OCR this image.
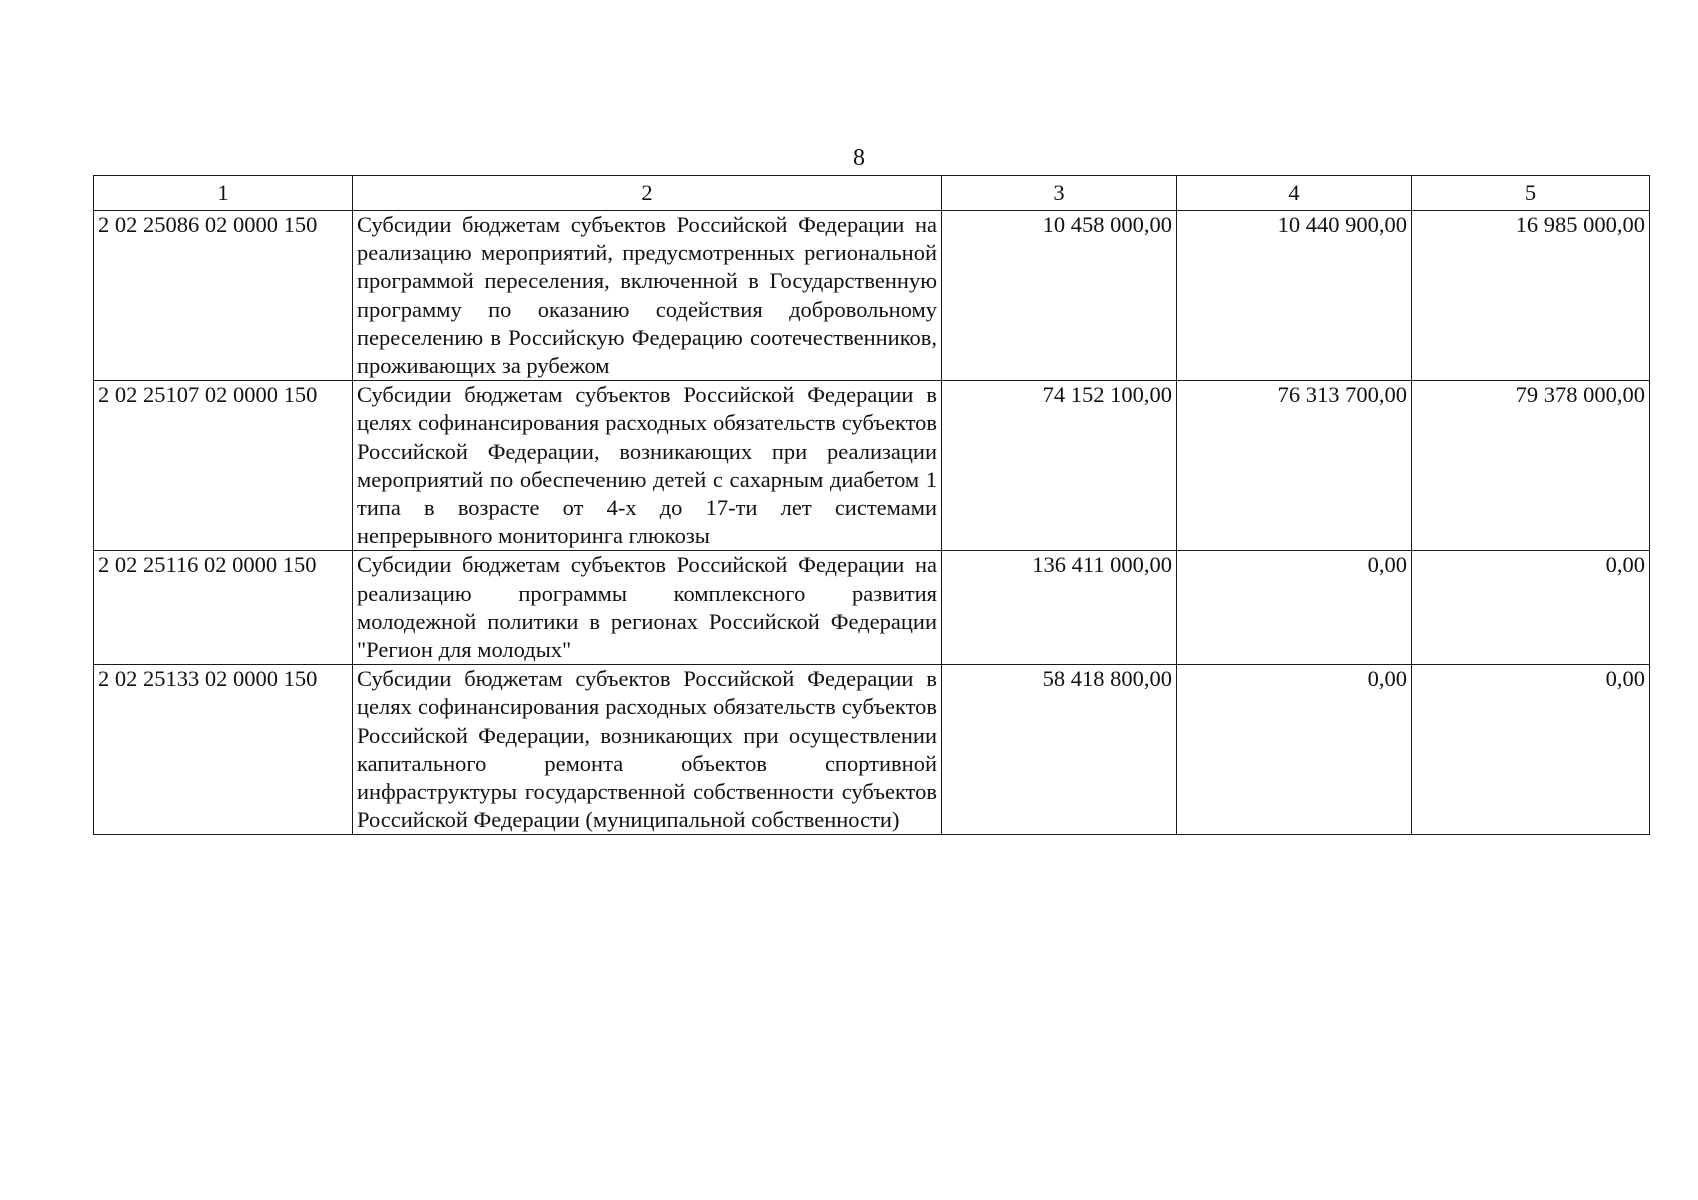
8
1	2	3	4	5
2 02 25086 02 0000 150	Субсидии бюджетам субъектов Российской Федерации на реализацию мероприятий, предусмотренных региональной программой переселения, включенной в Государственную программу по оказанию содействия добровольному переселению в Российскую Федерацию соотечественников, проживающих за рубежом	10 458 000,00	10 440 900,00	16 985 000,00
2 02 25107 02 0000 150	Субсидии бюджетам субъектов Российской Федерации в целях софинансирования расходных обязательств субъектов Российской Федерации, возникающих при реализации мероприятий по обеспечению детей с сахарным диабетом 1 типа в возрасте от 4-х до 17-ти лет системами непрерывного мониторинга глюкозы	74 152 100,00	76 313 700,00	79 378 000,00
2 02 25116 02 0000 150	Субсидии бюджетам субъектов Российской Федерации на реализацию программы комплексного развития молодежной политики в регионах Российской Федерации "Регион для молодых"	136 411 000,00	0,00	0,00
2 02 25133 02 0000 150	Субсидии бюджетам субъектов Российской Федерации в целях софинансирования расходных обязательств субъектов Российской Федерации, возникающих при осуществлении капитального ремонта объектов спортивной инфраструктуры государственной собственности субъектов Российской Федерации (муниципальной собственности)	58 418 800,00	0,00	0,00
